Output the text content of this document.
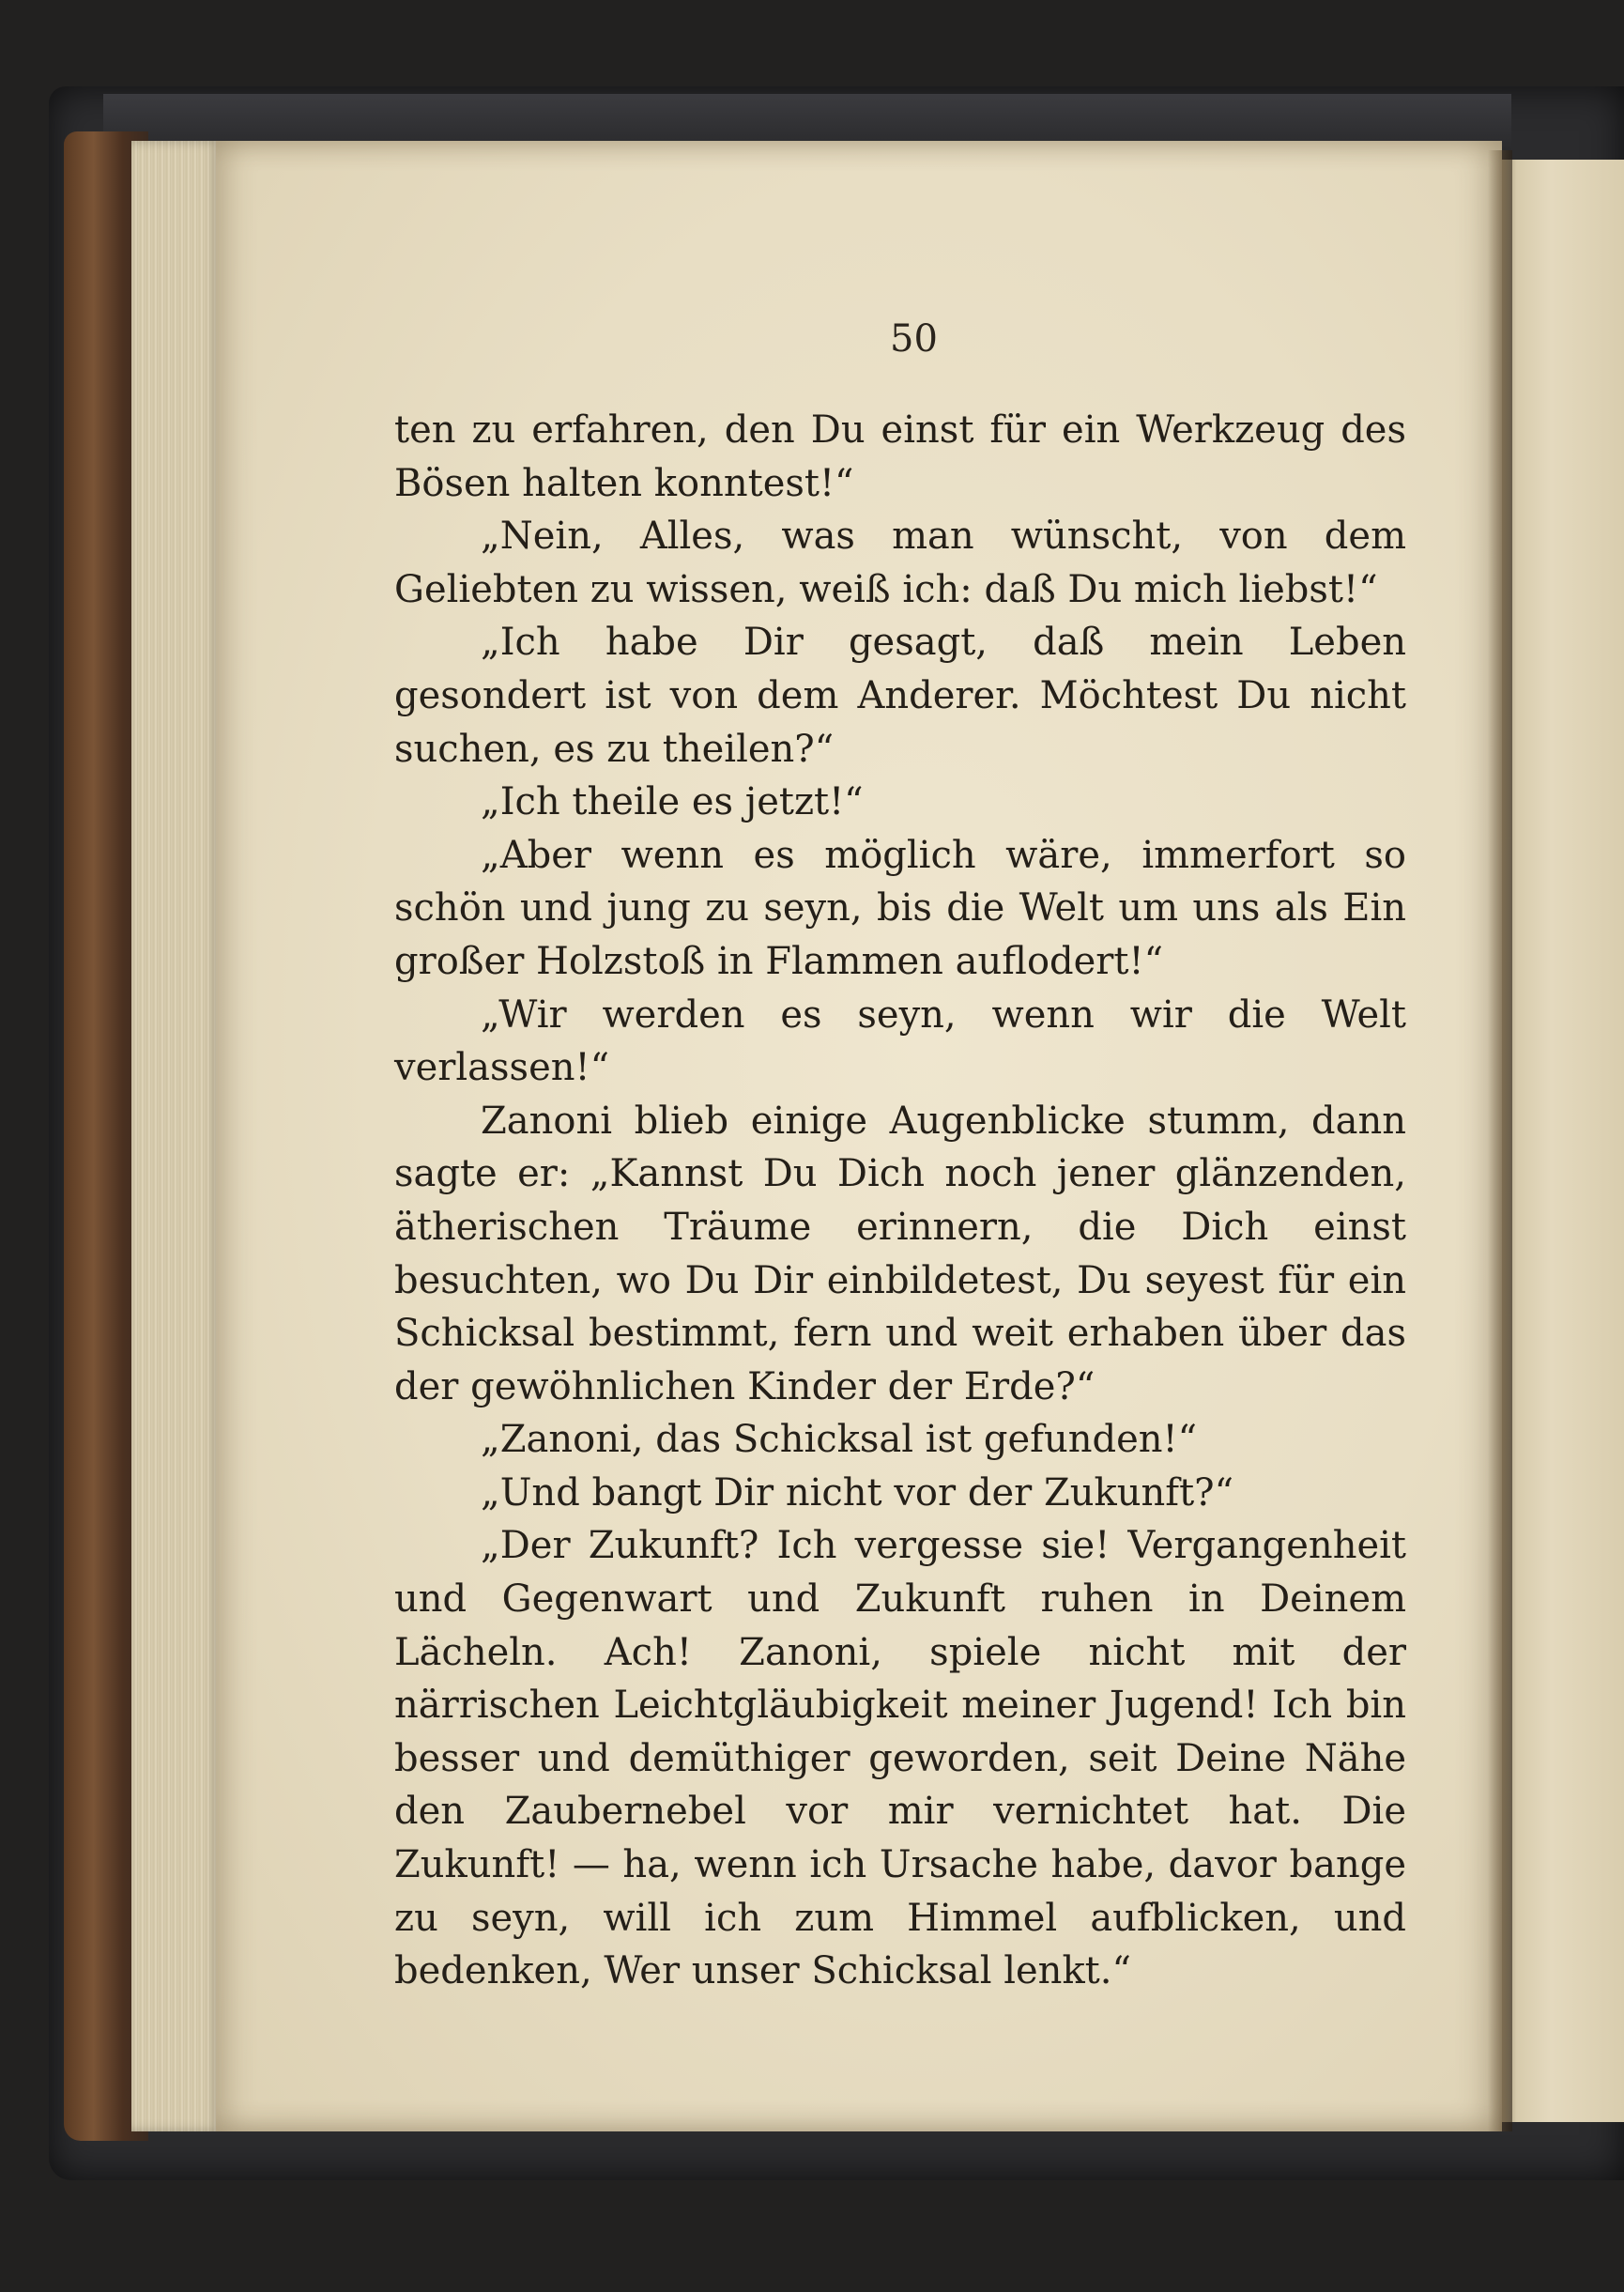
50

ten zu erfahren, den Du einst für ein Werkzeug des Bösen halten konntest!“

„Nein, Alles, was man wünscht, von dem Geliebten zu wissen, weiß ich: daß Du mich liebst!“

„Ich habe Dir gesagt, daß mein Leben gesondert ist von dem Anderer. Möchtest Du nicht suchen, es zu theilen?“

„Ich theile es jetzt!“

„Aber wenn es möglich wäre, immerfort so schön und jung zu seyn, bis die Welt um uns als Ein großer Holzstoß in Flammen auflodert!“

„Wir werden es seyn, wenn wir die Welt verlassen!“

Zanoni blieb einige Augenblicke stumm, dann sagte er: „Kannst Du Dich noch jener glänzenden, ätherischen Träume erinnern, die Dich einst besuchten, wo Du Dir einbildetest, Du seyest für ein Schicksal bestimmt, fern und weit erhaben über das der gewöhnlichen Kinder der Erde?“

„Zanoni, das Schicksal ist gefunden!“

„Und bangt Dir nicht vor der Zukunft?“

„Der Zukunft? Ich vergesse sie! Vergangenheit und Gegenwart und Zukunft ruhen in Deinem Lächeln. Ach! Zanoni, spiele nicht mit der närrischen Leichtgläubigkeit meiner Jugend! Ich bin besser und demüthiger geworden, seit Deine Nähe den Zaubernebel vor mir vernichtet hat. Die Zukunft! — ha, wenn ich Ursache habe, davor bange zu seyn, will ich zum Himmel aufblicken, und bedenken, Wer unser Schicksal lenkt.“
